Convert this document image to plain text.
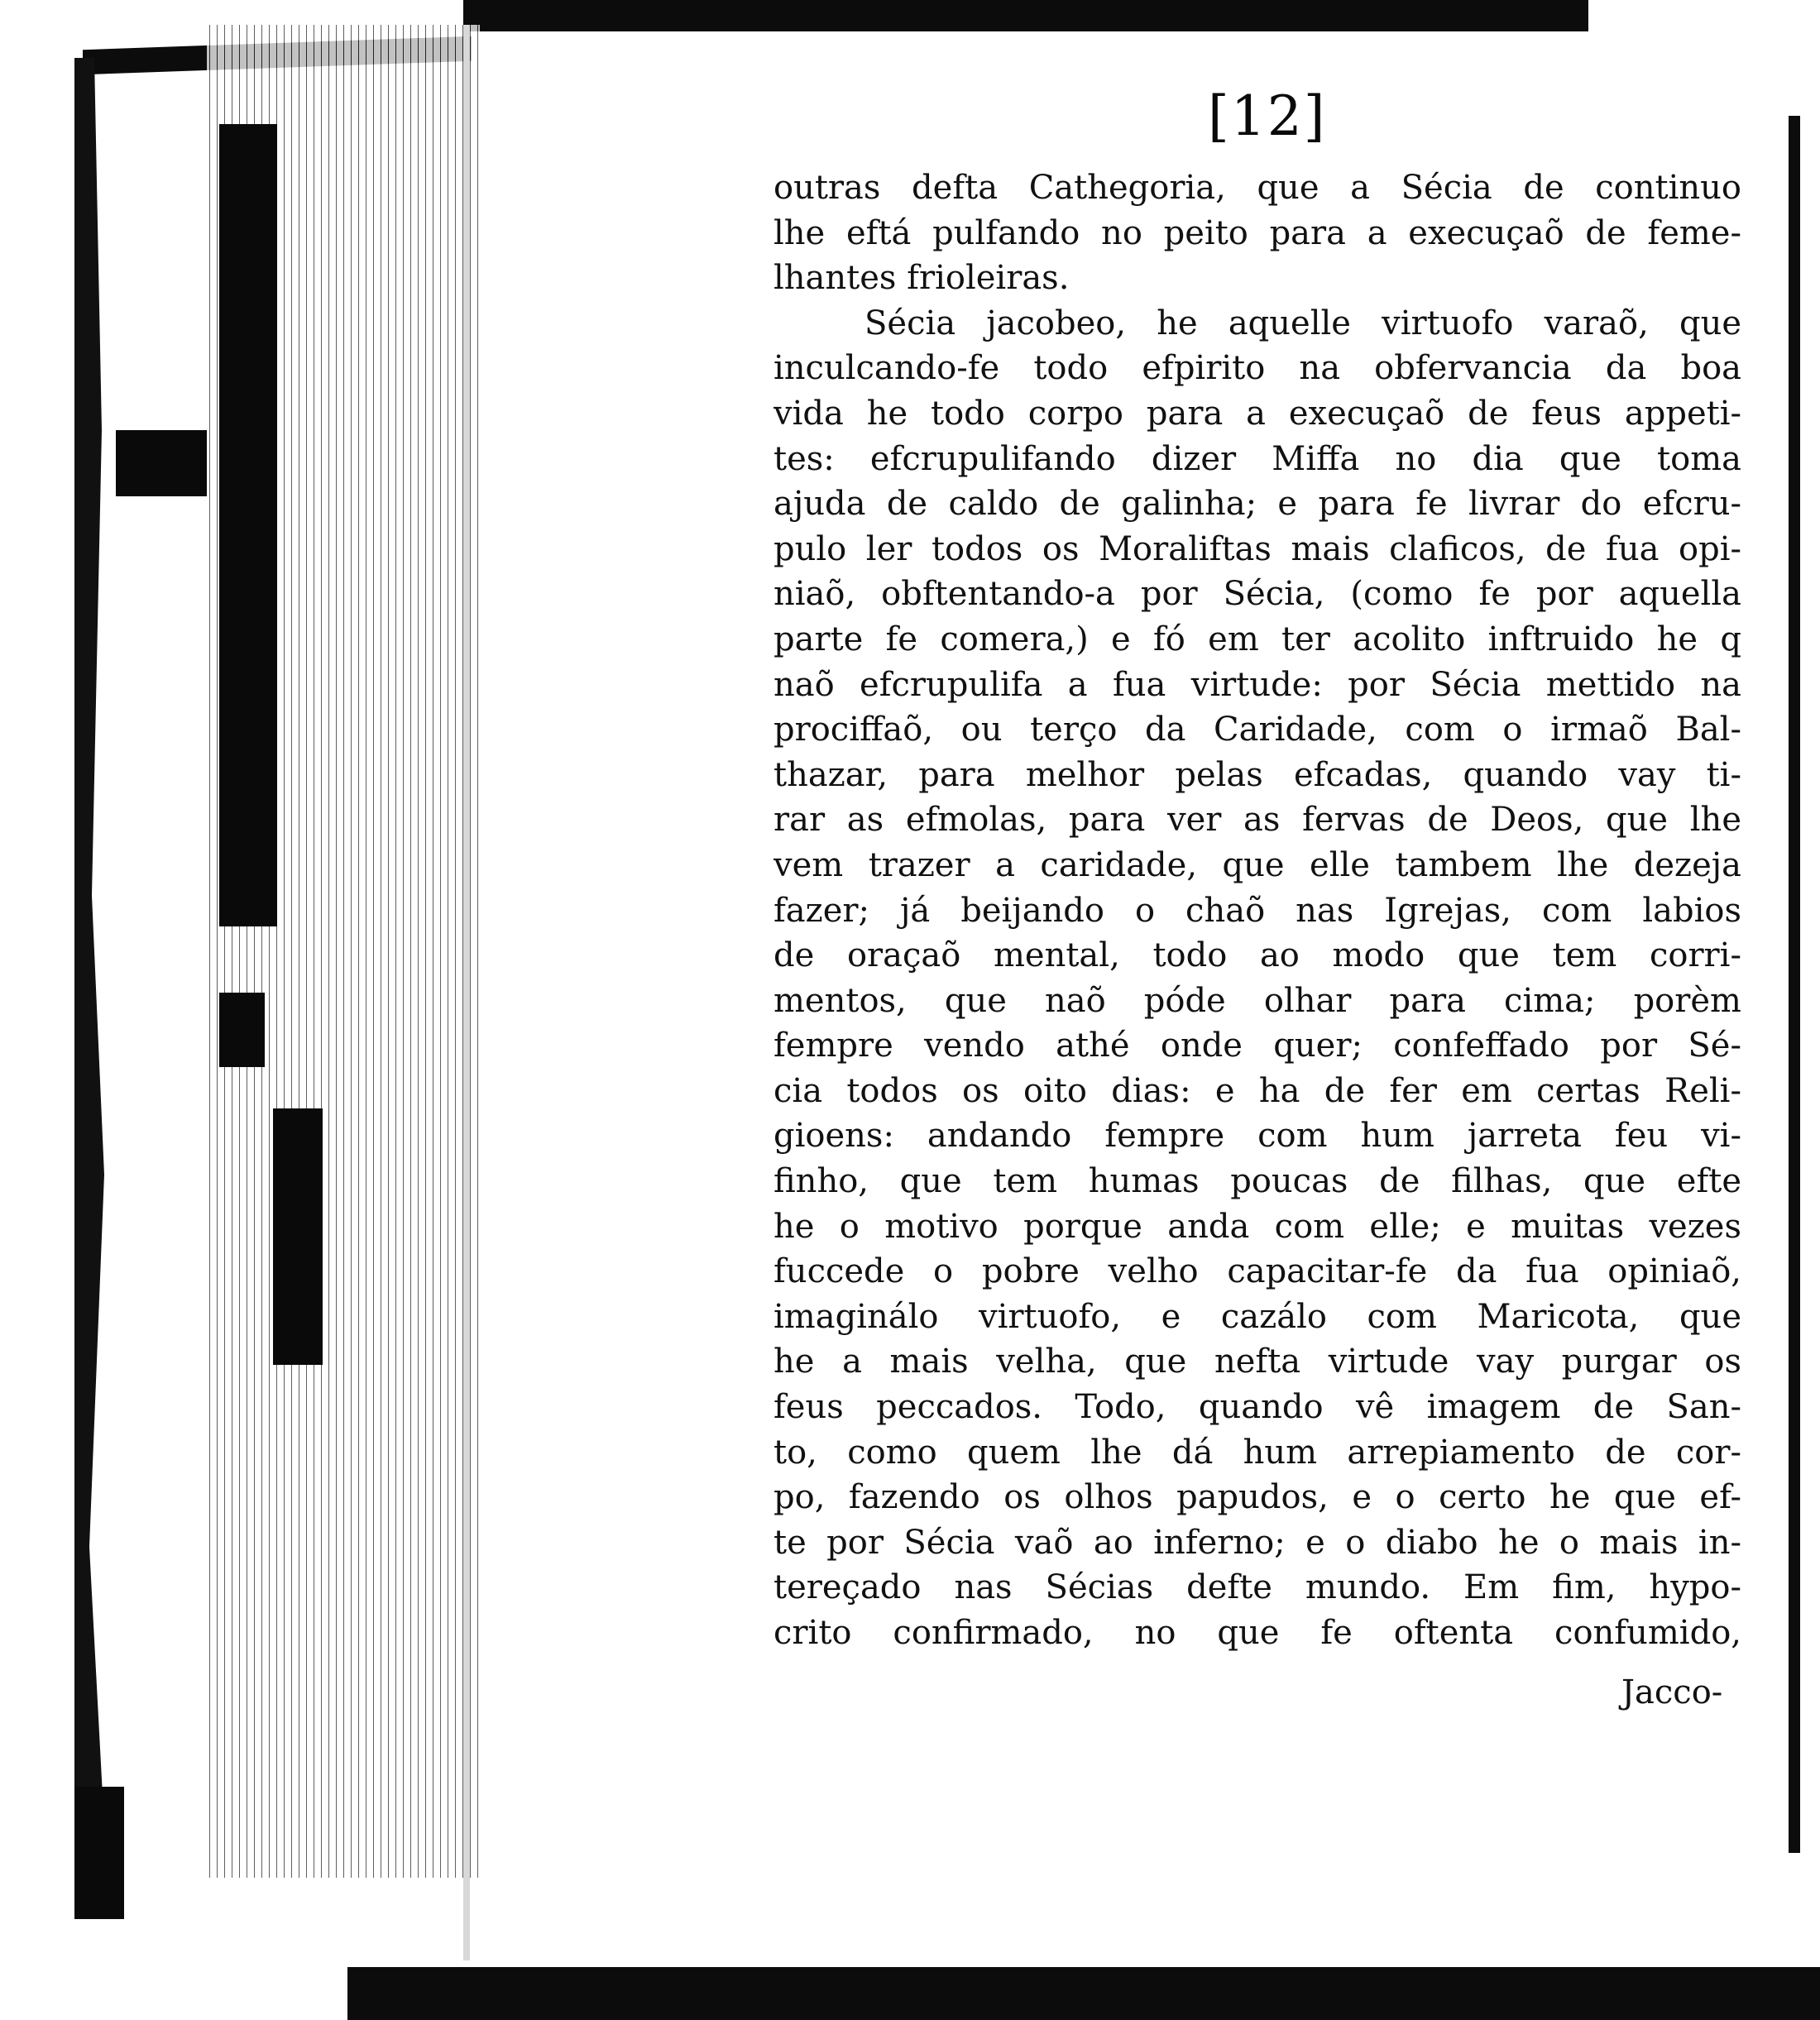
[12]
outras defta Cathegoria, que a Sécia de continuo
lhe eftá pulfando no peito para a execuçaõ de feme-
lhantes frioleiras.
Sécia jacobeo, he aquelle virtuofo varaõ, que
inculcando-fe todo efpirito na obfervancia da boa
vida he todo corpo para a execuçaõ de feus appeti-
tes: efcrupulifando dizer Miffa no dia que toma
ajuda de caldo de galinha; e para fe livrar do efcru-
pulo ler todos os Moraliftas mais claficos, de fua opi-
niaõ, obftentando-a por Sécia, (como fe por aquella
parte fe comera,) e fó em ter acolito inftruido he q
naõ efcrupulifa a fua virtude: por Sécia mettido na
prociffaõ, ou terço da Caridade, com o irmaõ Bal-
thazar, para melhor pelas efcadas, quando vay ti-
rar as efmolas, para ver as fervas de Deos, que lhe
vem trazer a caridade, que elle tambem lhe dezeja
fazer; já beijando o chaõ nas Igrejas, com labios
de oraçaõ mental, todo ao modo que tem corri-
mentos, que naõ póde olhar para cima; porèm
fempre vendo athé onde quer; confeffado por Sé-
cia todos os oito dias: e ha de fer em certas Reli-
gioens: andando fempre com hum jarreta feu vi-
finho, que tem humas poucas de filhas, que efte
he o motivo porque anda com elle; e muitas vezes
fuccede o pobre velho capacitar-fe da fua opiniaõ,
imaginálo virtuofo, e cazálo com Maricota, que
he a mais velha, que nefta virtude vay purgar os
feus peccados. Todo, quando vê imagem de San-
to, como quem lhe dá hum arrepiamento de cor-
po, fazendo os olhos papudos, e o certo he que ef-
te por Sécia vaõ ao inferno; e o diabo he o mais in-
tereçado nas Sécias defte mundo. Em fim, hypo-
crito confirmado, no que fe oftenta confumido,
Jacco-
